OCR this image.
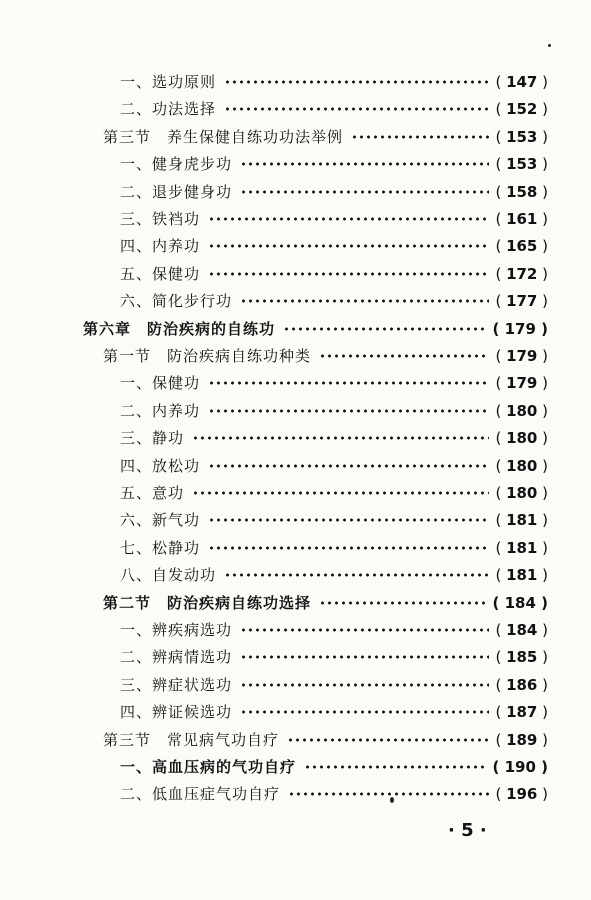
一、选功原则	( 147 )
二、功法选择	( 152 )
第三节　养生保健自练功功法举例	( 153 )
一、健身虎步功	( 153 )
二、退步健身功	( 158 )
三、铁裆功	( 161 )
四、内养功	( 165 )
五、保健功	( 172 )
六、简化步行功	( 177 )
第六章　防治疾病的自练功	( 179 )
第一节　防治疾病自练功种类	( 179 )
一、保健功	( 179 )
二、内养功	( 180 )
三、静功	( 180 )
四、放松功	( 180 )
五、意功	( 180 )
六、新气功	( 181 )
七、松静功	( 181 )
八、自发动功	( 181 )
第二节　防治疾病自练功选择	( 184 )
一、辨疾病选功	( 184 )
二、辨病情选功	( 185 )
三、辨症状选功	( 186 )
四、辨证候选功	( 187 )
第三节　常见病气功自疗	( 189 )
一、高血压病的气功自疗	( 190 )
二、低血压症气功自疗	( 196 )
· 5 ·
